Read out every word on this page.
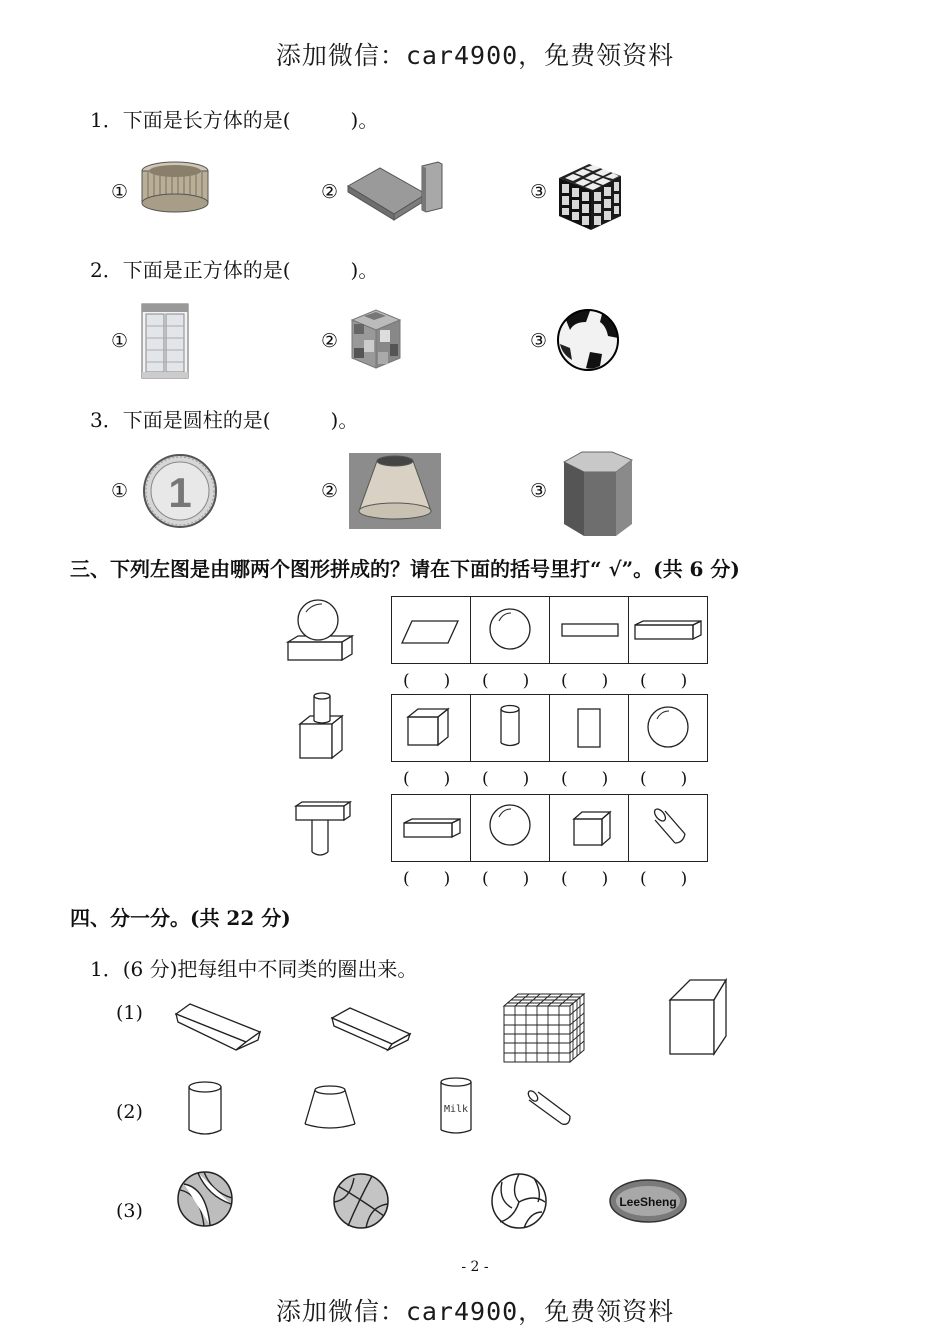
添加微信：car4900，免费领资料
1．下面是长方体的是(　　　)。
①	②	③
2．下面是正方体的是(　　　)。
①	②	③
3．下面是圆柱的是(　　　)。
① 1	②	③
三、下列左图是由哪两个图形拼成的？请在下面的括号里打“ √”。(共 6 分)
(　　) (　　) (　　) (　　)
(　　) (　　) (　　) (　　)
(　　) (　　) (　　) (　　)
四、分一分。(共 22 分)
1．(6 分)把每组中不同类的圈出来。
(1)
(2)	Milk
(3)	LeeSheng
- 2 -
添加微信：car4900，免费领资料
